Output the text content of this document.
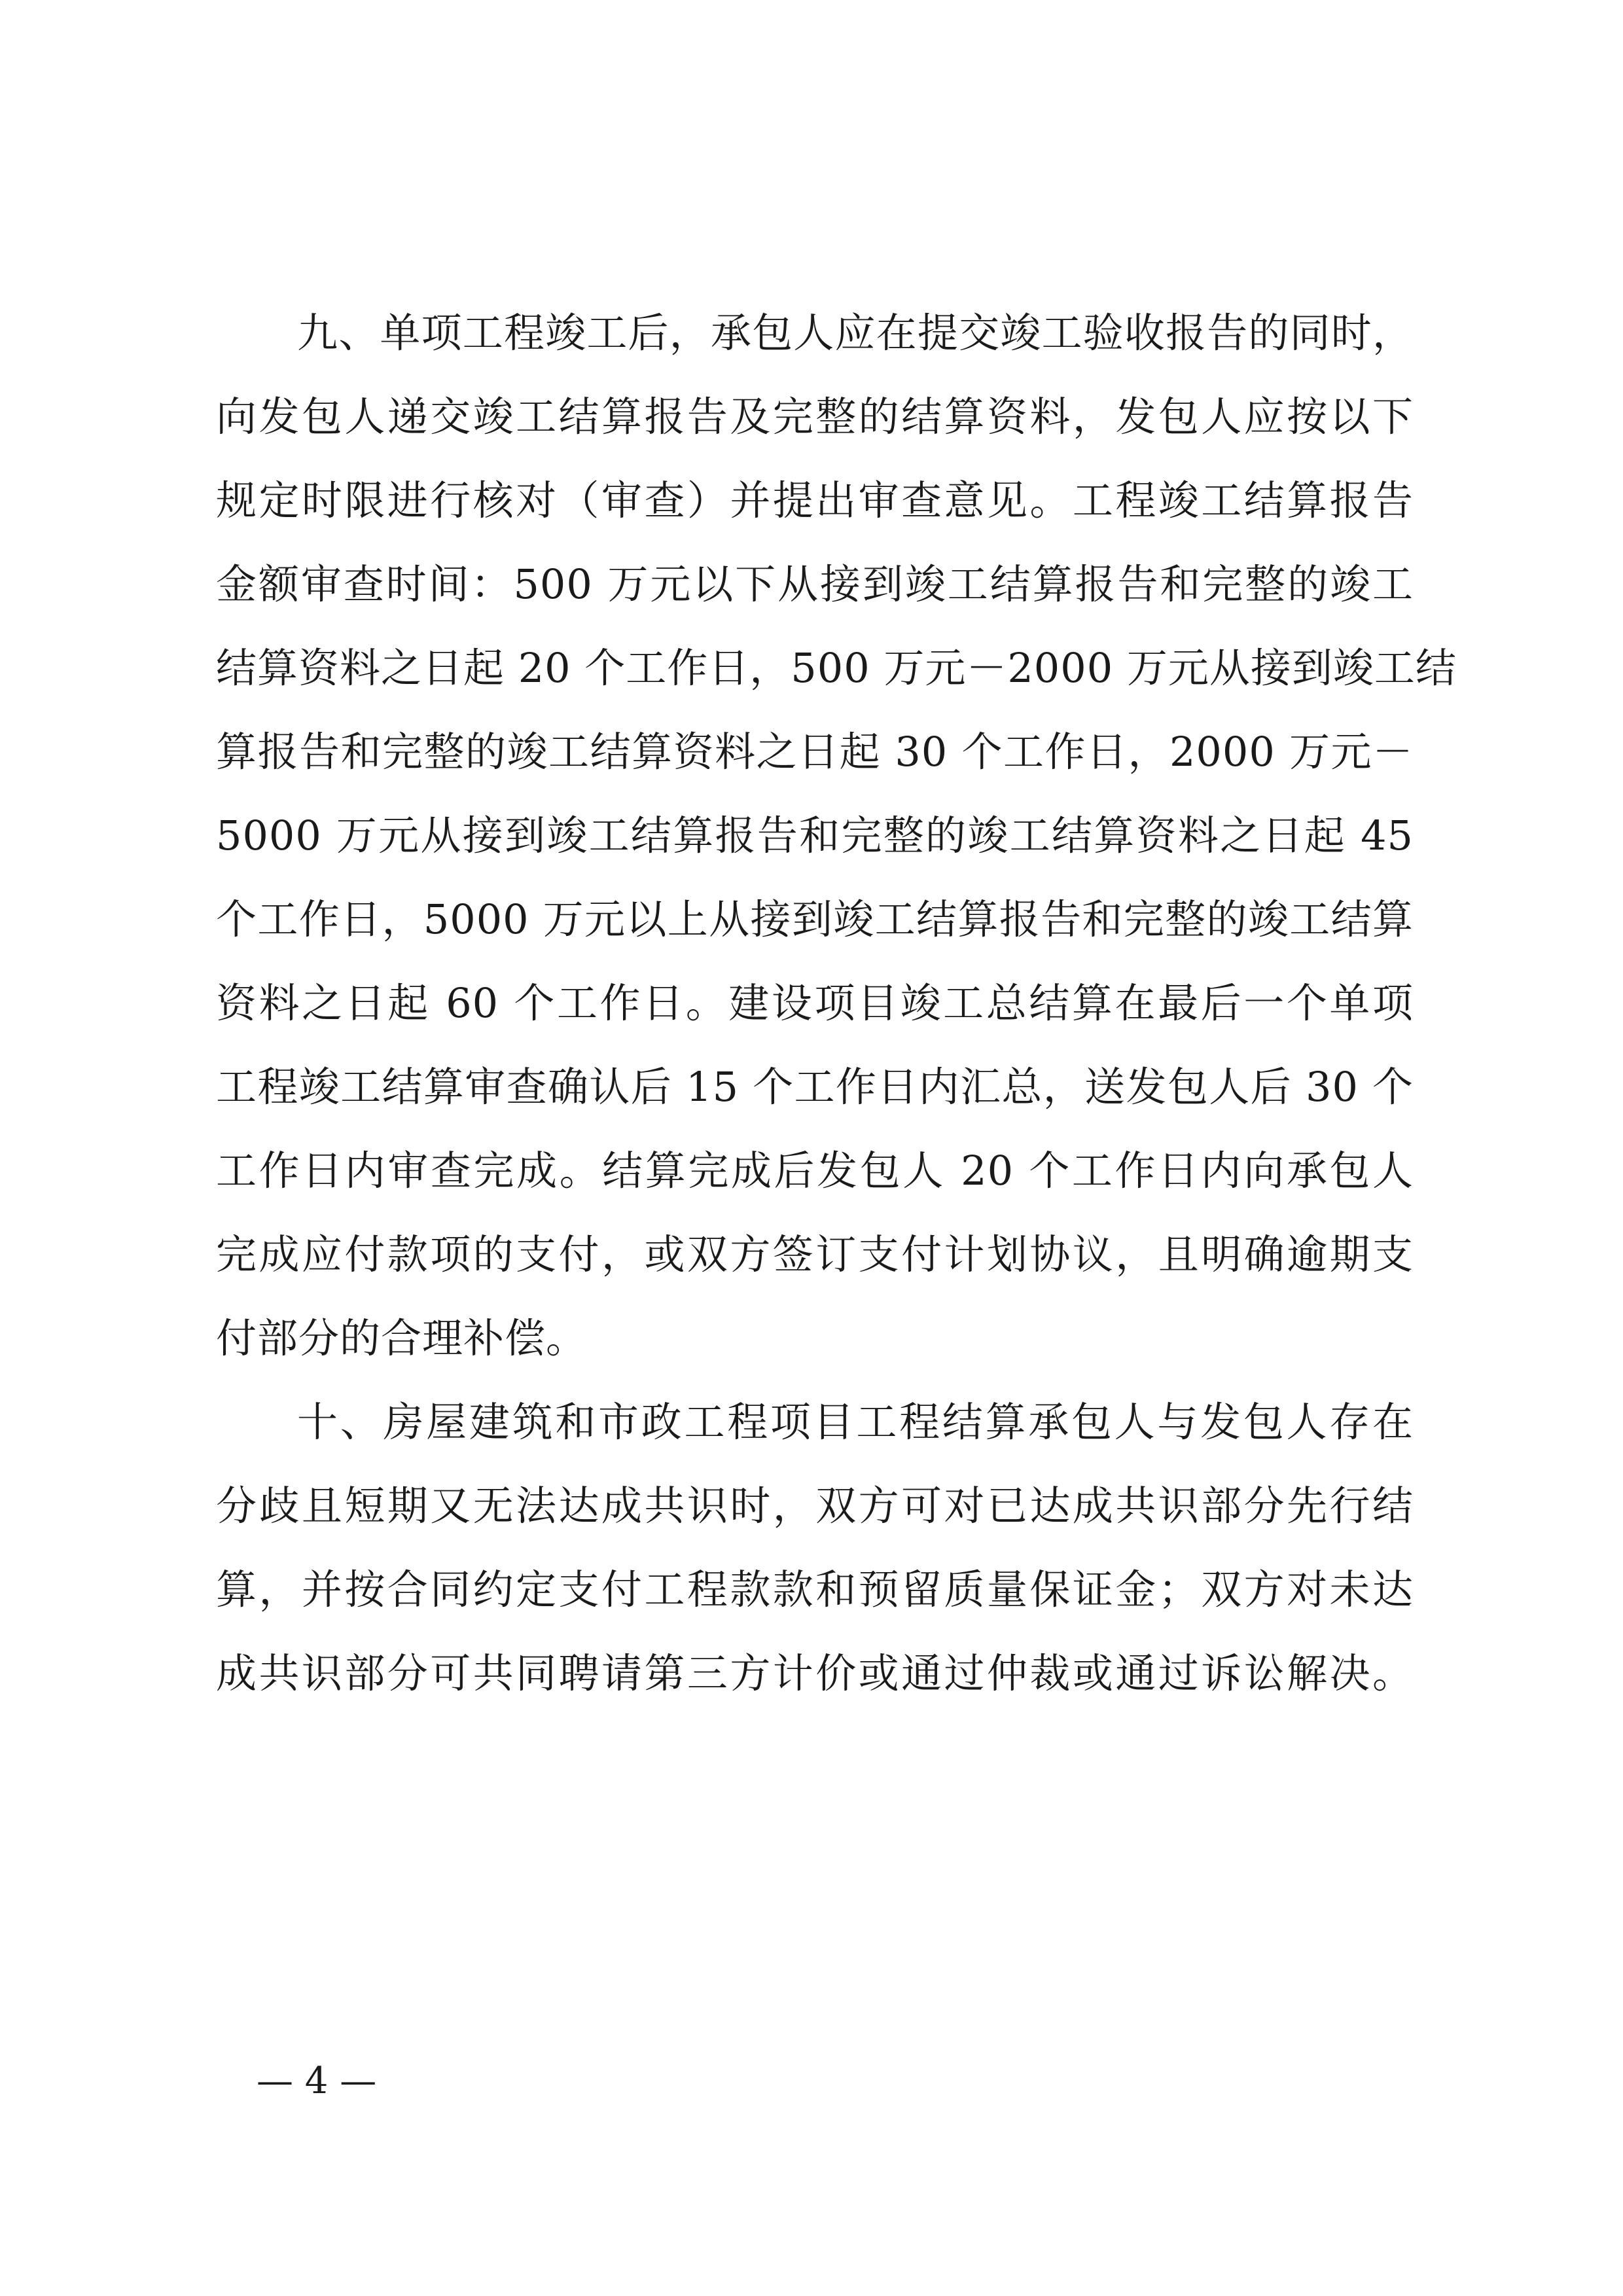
九、单项工程竣工后，承包人应在提交竣工验收报告的同时，
向发包人递交竣工结算报告及完整的结算资料，发包人应按以下
规定时限进行核对（审查）并提出审查意见。工程竣工结算报告
金额审查时间：500 万元以下从接到竣工结算报告和完整的竣工
结算资料之日起 20 个工作日，500 万元－2000 万元从接到竣工结
算报告和完整的竣工结算资料之日起 30 个工作日，2000 万元－
5000 万元从接到竣工结算报告和完整的竣工结算资料之日起 45
个工作日，5000 万元以上从接到竣工结算报告和完整的竣工结算
资料之日起 60 个工作日。建设项目竣工总结算在最后一个单项
工程竣工结算审查确认后 15 个工作日内汇总，送发包人后 30 个
工作日内审查完成。结算完成后发包人 20 个工作日内向承包人
完成应付款项的支付，或双方签订支付计划协议，且明确逾期支
付部分的合理补偿。
十、房屋建筑和市政工程项目工程结算承包人与发包人存在
分歧且短期又无法达成共识时，双方可对已达成共识部分先行结
算，并按合同约定支付工程款款和预留质量保证金；双方对未达
成共识部分可共同聘请第三方计价或通过仲裁或通过诉讼解决。
— 4 —
